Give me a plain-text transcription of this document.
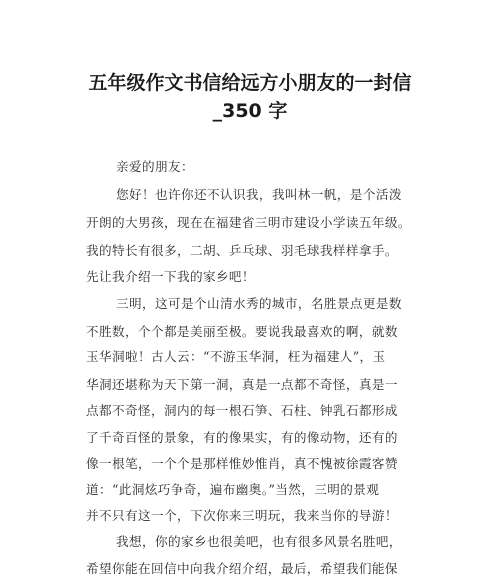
五年级作文书信给远方小朋友的一封信
_350 字
亲爱的朋友：
您好！也许你还不认识我，我叫林一帆，是个活泼
开朗的大男孩，现在在福建省三明市建设小学读五年级。
我的特长有很多，二胡、乒乓球、羽毛球我样样拿手。
先让我介绍一下我的家乡吧！
三明，这可是个山清水秀的城市，名胜景点更是数
不胜数，个个都是美丽至极。要说我最喜欢的啊，就数
玉华洞啦！古人云：“不游玉华洞，枉为福建人”，玉
华洞还堪称为天下第一洞，真是一点都不奇怪，真是一
点都不奇怪，洞内的每一根石笋、石柱、钟乳石都形成
了千奇百怪的景象，有的像果实，有的像动物，还有的
像一根笔，一个个是那样惟妙惟肖，真不愧被徐霞客赞
道：“此洞炫巧争奇，遍布幽奥。”当然，三明的景观
并不只有这一个，下次你来三明玩，我来当你的导游！
我想，你的家乡也很美吧，也有很多风景名胜吧，
希望你能在回信中向我介绍介绍，最后，希望我们能保
